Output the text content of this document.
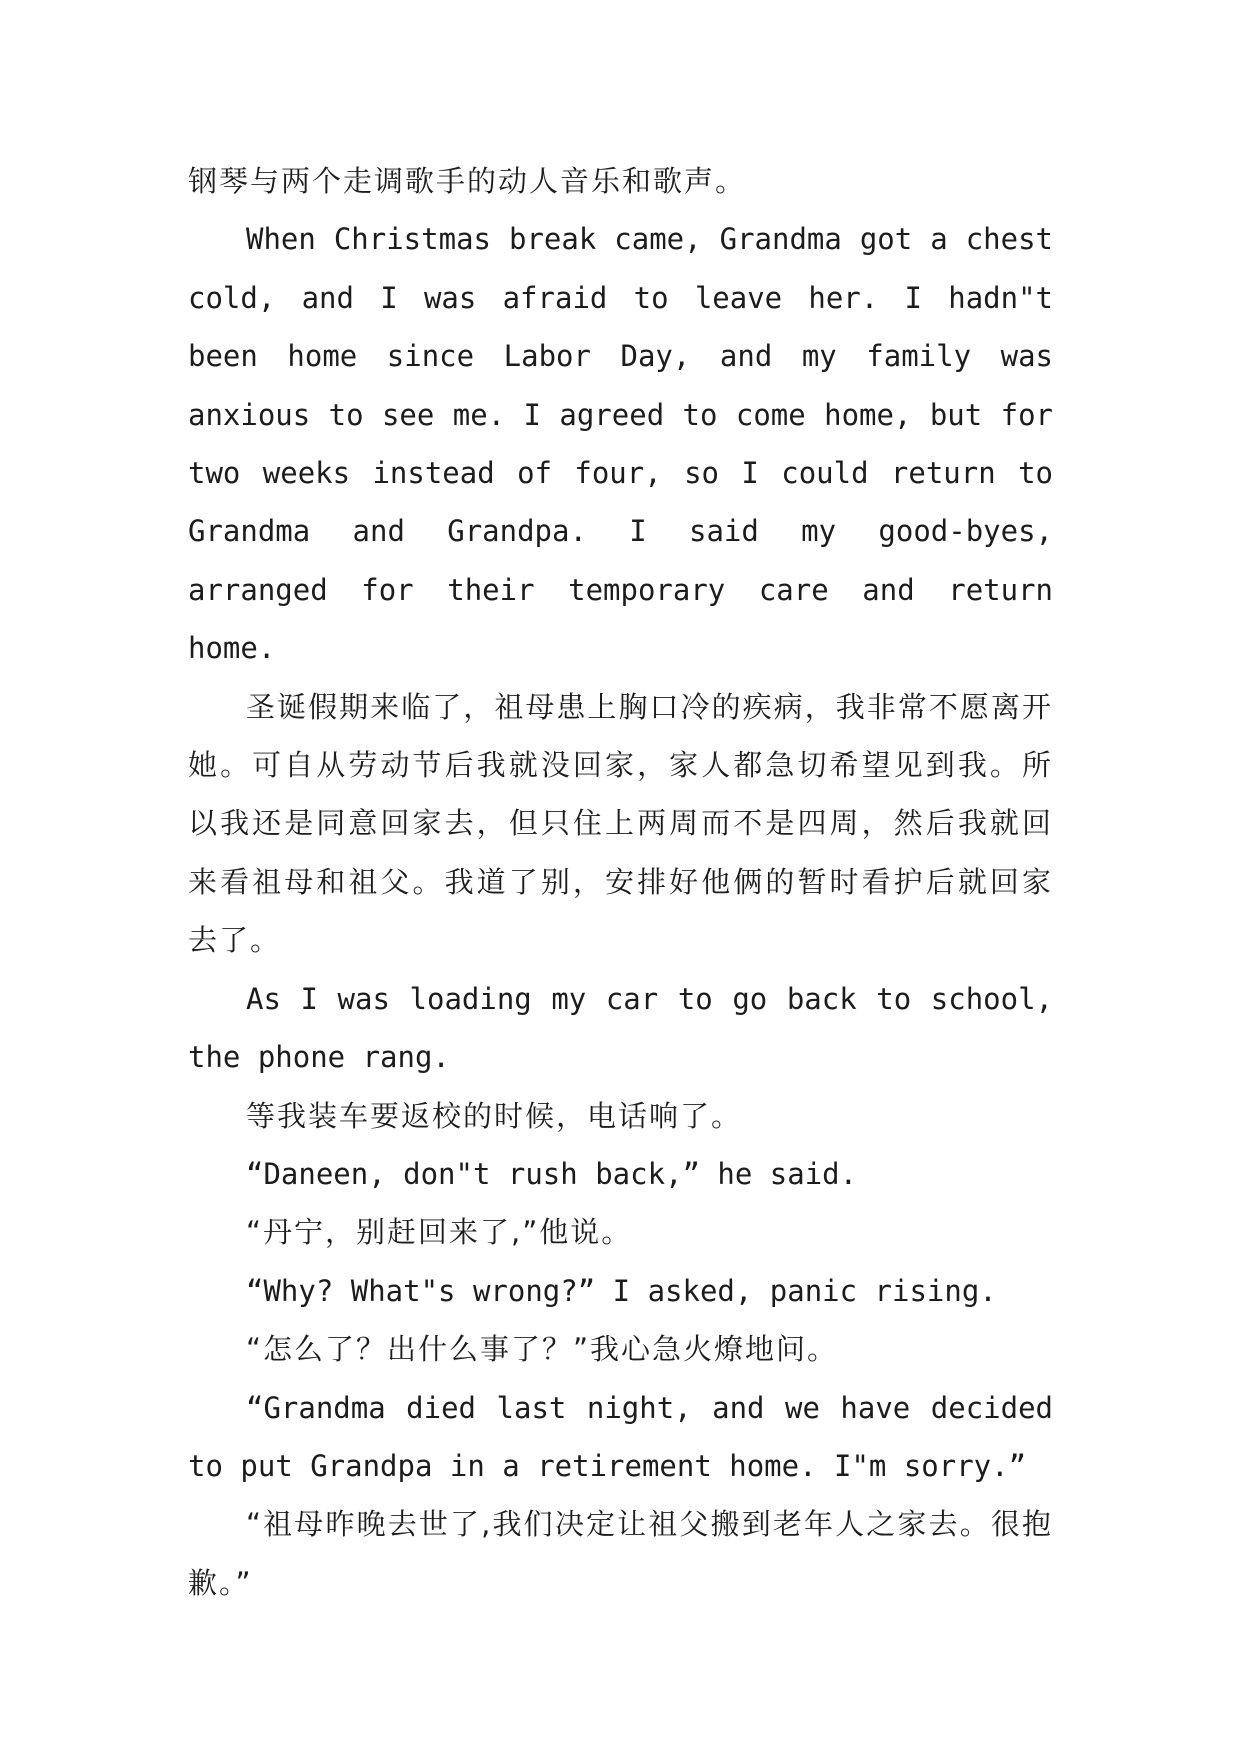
钢琴与两个走调歌手的动人音乐和歌声。

When Christmas break came, Grandma got a chest cold, and I was afraid to leave her. I hadn"t been home since Labor Day, and my family was anxious to see me. I agreed to come home, but for two weeks instead of four, so I could return to Grandma and Grandpa. I said my good-byes, arranged for their temporary care and return home.

圣诞假期来临了，祖母患上胸口冷的疾病，我非常不愿离开她。可自从劳动节后我就没回家，家人都急切希望见到我。所以我还是同意回家去，但只住上两周而不是四周，然后我就回来看祖母和祖父。我道了别，安排好他俩的暂时看护后就回家去了。

As I was loading my car to go back to school, the phone rang.

等我装车要返校的时候，电话响了。

“Daneen, don"t rush back,” he said.

“丹宁，别赶回来了,”他说。

“Why? What"s wrong?” I asked, panic rising.

“怎么了？出什么事了？”我心急火燎地问。

“Grandma died last night, and we have decided to put Grandpa in a retirement home. I"m sorry.”

“祖母昨晚去世了,我们决定让祖父搬到老年人之家去。很抱歉。”
